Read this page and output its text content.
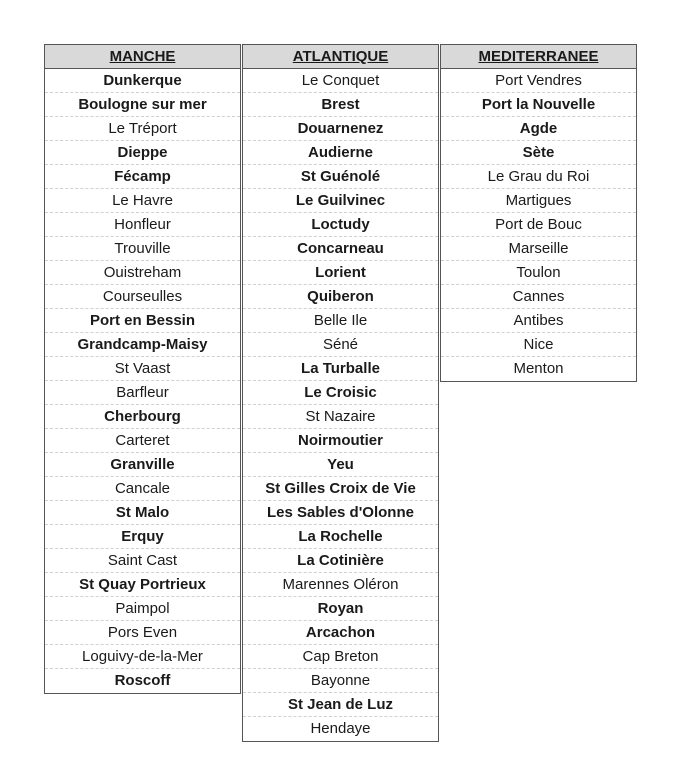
MANCHE
Dunkerque
Boulogne sur mer
Le Tréport
Dieppe
Fécamp
Le Havre
Honfleur
Trouville
Ouistreham
Courseulles
Port en Bessin
Grandcamp-Maisy
St Vaast
Barfleur
Cherbourg
Carteret
Granville
Cancale
St Malo
Erquy
Saint Cast
St Quay Portrieux
Paimpol
Pors Even
Loguivy-de-la-Mer
Roscoff
ATLANTIQUE
Le Conquet
Brest
Douarnenez
Audierne
St Guénolé
Le Guilvinec
Loctudy
Concarneau
Lorient
Quiberon
Belle Ile
Séné
La Turballe
Le Croisic
St Nazaire
Noirmoutier
Yeu
St Gilles Croix de Vie
Les Sables d'Olonne
La Rochelle
La Cotinière
Marennes Oléron
Royan
Arcachon
Cap Breton
Bayonne
St Jean de Luz
Hendaye
MEDITERRANEE
Port Vendres
Port la Nouvelle
Agde
Sète
Le Grau du Roi
Martigues
Port de Bouc
Marseille
Toulon
Cannes
Antibes
Nice
Menton
